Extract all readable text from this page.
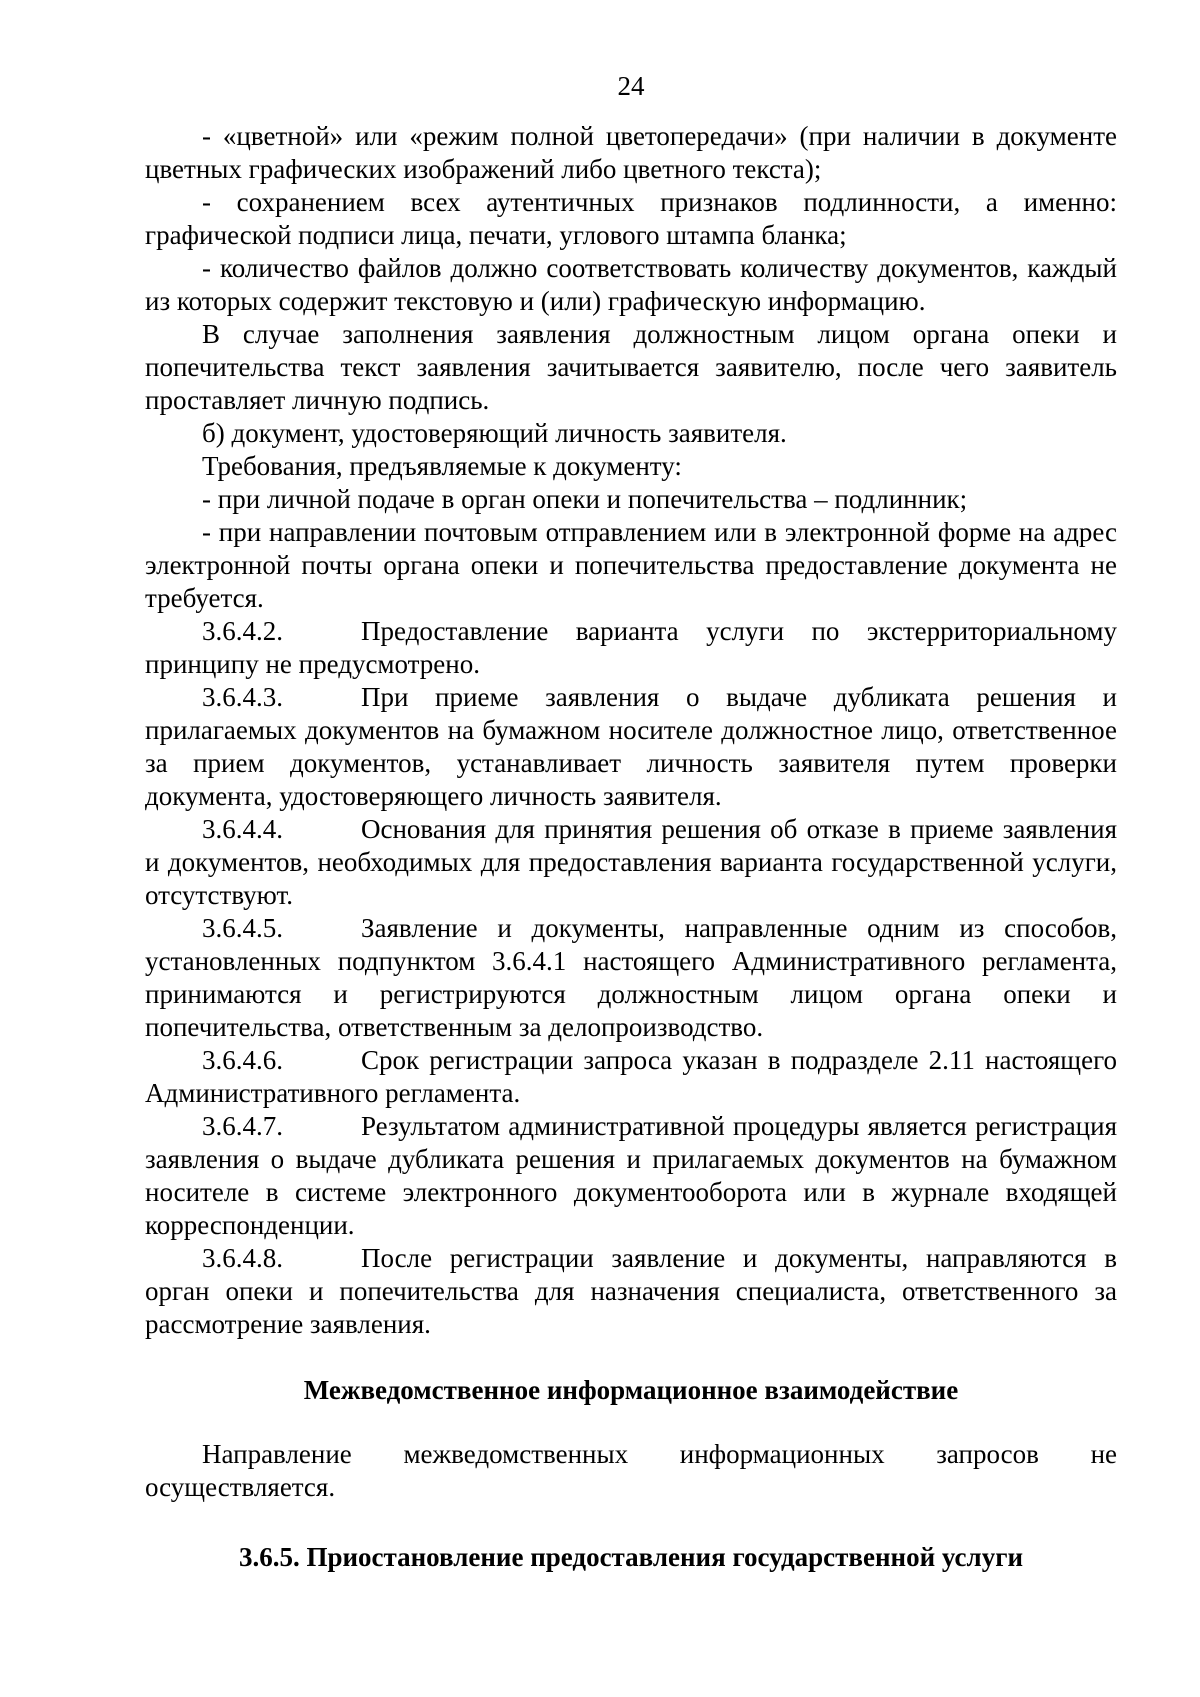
24

- «цветной» или «режим полной цветопередачи» (при наличии в документе цветных графических изображений либо цветного текста);

- сохранением всех аутентичных признаков подлинности, а именно: графической подписи лица, печати, углового штампа бланка;

- количество файлов должно соответствовать количеству документов, каждый из которых содержит текстовую и (или) графическую информацию.

В случае заполнения заявления должностным лицом органа опеки и попечительства текст заявления зачитывается заявителю, после чего заявитель проставляет личную подпись.

б) документ, удостоверяющий личность заявителя.

Требования, предъявляемые к документу:

- при личной подаче в орган опеки и попечительства – подлинник;

- при направлении почтовым отправлением или в электронной форме на адрес электронной почты органа опеки и попечительства предоставление документа не требуется.

3.6.4.2.	Предоставление варианта услуги по экстерриториальному принципу не предусмотрено.

3.6.4.3.	При приеме заявления о выдаче дубликата решения и прилагаемых документов на бумажном носителе должностное лицо, ответственное за прием документов, устанавливает личность заявителя путем проверки документа, удостоверяющего личность заявителя.

3.6.4.4.	Основания для принятия решения об отказе в приеме заявления и документов, необходимых для предоставления варианта государственной услуги, отсутствуют.

3.6.4.5.	Заявление и документы, направленные одним из способов, установленных подпунктом 3.6.4.1 настоящего Административного регламента, принимаются и регистрируются должностным лицом органа опеки и попечительства, ответственным за делопроизводство.

3.6.4.6.	Срок регистрации запроса указан в подразделе 2.11 настоящего Административного регламента.

3.6.4.7.	Результатом административной процедуры является регистрация заявления о выдаче дубликата решения и прилагаемых документов на бумажном носителе в системе электронного документооборота или в журнале входящей корреспонденции.

3.6.4.8.	После регистрации заявление и документы, направляются в орган опеки и попечительства для назначения специалиста, ответственного за рассмотрение заявления.

Межведомственное информационное взаимодействие

Направление межведомственных информационных запросов не осуществляется.

3.6.5. Приостановление предоставления государственной услуги
